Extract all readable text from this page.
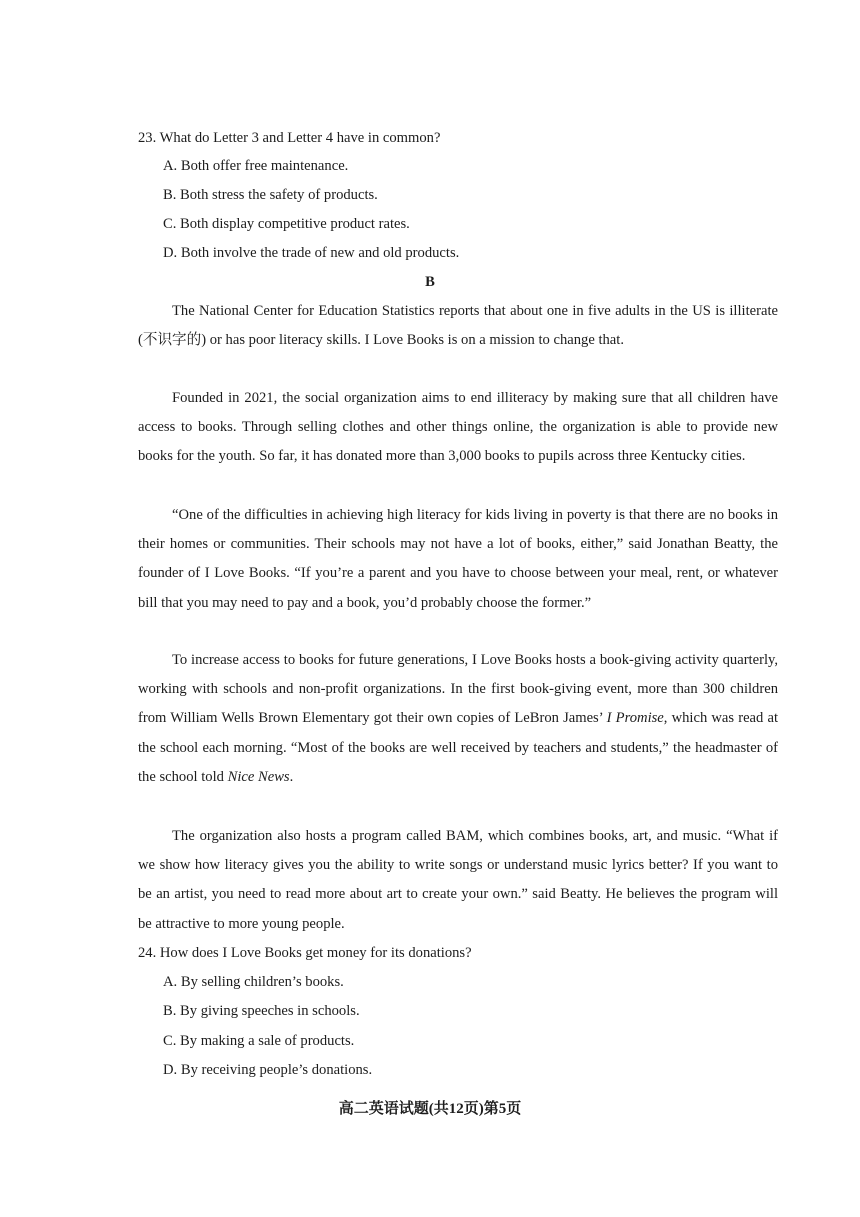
23. What do Letter 3 and Letter 4 have in common?

A. Both offer free maintenance.

B. Both stress the safety of products.

C. Both display competitive product rates.

D. Both involve the trade of new and old products.

B

The National Center for Education Statistics reports that about one in five adults in the US is illiterate (不识字的) or has poor literacy skills. I Love Books is on a mission to change that.

Founded in 2021, the social organization aims to end illiteracy by making sure that all children have access to books. Through selling clothes and other things online, the organization is able to provide new books for the youth. So far, it has donated more than 3,000 books to pupils across three Kentucky cities.

“One of the difficulties in achieving high literacy for kids living in poverty is that there are no books in their homes or communities. Their schools may not have a lot of books, either,” said Jonathan Beatty, the founder of I Love Books. “If you’re a parent and you have to choose between your meal, rent, or whatever bill that you may need to pay and a book, you’d probably choose the former.”

To increase access to books for future generations, I Love Books hosts a book-giving activity quarterly, working with schools and non-profit organizations. In the first book-giving event, more than 300 children from William Wells Brown Elementary got their own copies of LeBron James’ I Promise, which was read at the school each morning. “Most of the books are well received by teachers and students,” the headmaster of the school told Nice News.

The organization also hosts a program called BAM, which combines books, art, and music. “What if we show how literacy gives you the ability to write songs or understand music lyrics better? If you want to be an artist, you need to read more about art to create your own.” said Beatty. He believes the program will be attractive to more young people.

24. How does I Love Books get money for its donations?

A. By selling children’s books.

B. By giving speeches in schools.

C. By making a sale of products.

D. By receiving people’s donations.

高二英语试题(共12页)第5页
